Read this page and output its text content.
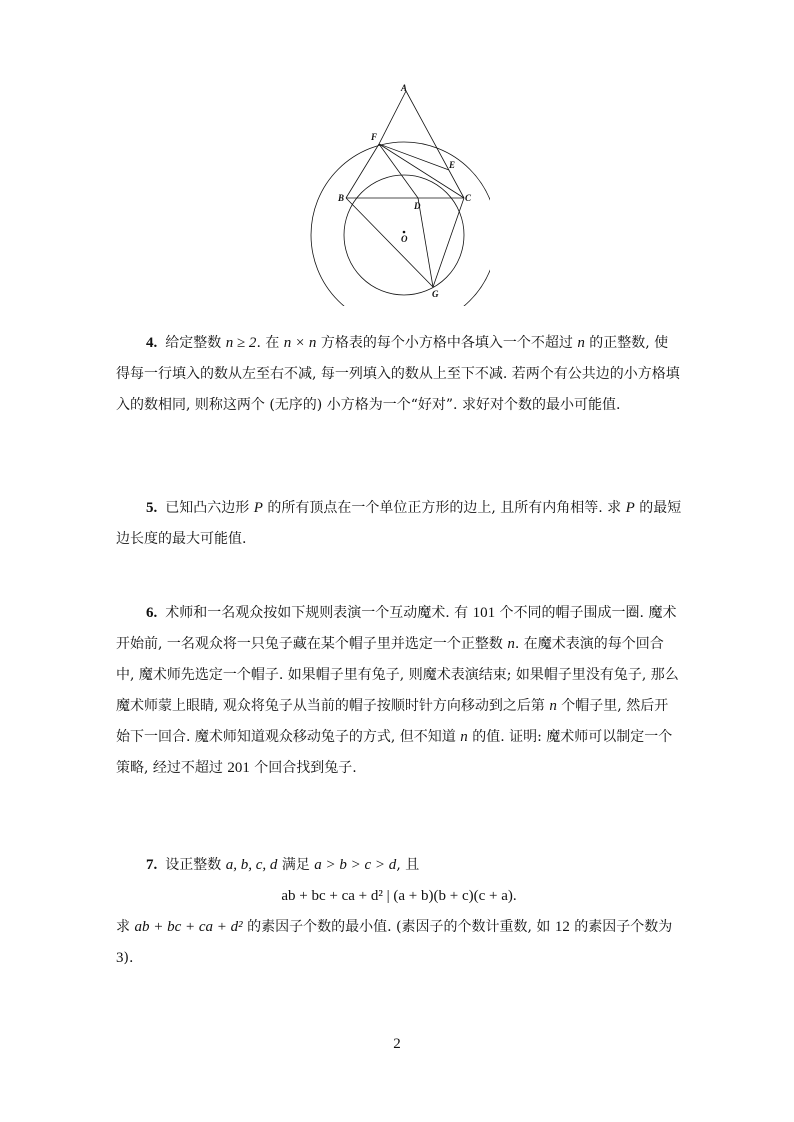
A
F
E
B
D
C
O
G

4. 给定整数 n ≥ 2. 在 n × n 方格表的每个小方格中各填入一个不超过 n 的正整数, 使得每一行填入的数从左至右不减, 每一列填入的数从上至下不减. 若两个有公共边的小方格填入的数相同, 则称这两个 (无序的) 小方格为一个“好对”. 求好对个数的最小可能值.

5. 已知凸六边形 P 的所有顶点在一个单位正方形的边上, 且所有内角相等. 求 P 的最短边长度的最大可能值.

6. 术师和一名观众按如下规则表演一个互动魔术. 有 101 个不同的帽子围成一圈. 魔术开始前, 一名观众将一只兔子藏在某个帽子里并选定一个正整数 n. 在魔术表演的每个回合中, 魔术师先选定一个帽子. 如果帽子里有兔子, 则魔术表演结束; 如果帽子里没有兔子, 那么魔术师蒙上眼睛, 观众将兔子从当前的帽子按顺时针方向移动到之后第 n 个帽子里, 然后开始下一回合. 魔术师知道观众移动兔子的方式, 但不知道 n 的值. 证明: 魔术师可以制定一个策略, 经过不超过 201 个回合找到兔子.

7. 设正整数 a, b, c, d 满足 a > b > c > d, 且

ab + bc + ca + d² | (a + b)(b + c)(c + a).

求 ab + bc + ca + d² 的素因子个数的最小值. (素因子的个数计重数, 如 12 的素因子个数为 3).

2
